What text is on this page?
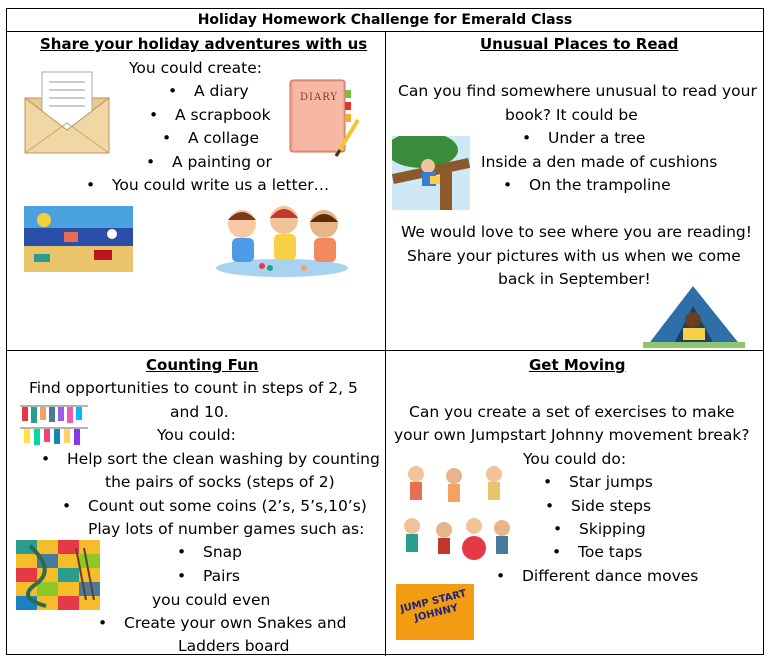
Holiday Homework Challenge for Emerald Class
Share your holiday adventures with us
You could create:
• A diary
• A scrapbook
• A collage
• A painting or
• You could write us a letter…
DIARY
Unusual Places to Read
Can you find somewhere unusual to read your
book? It could be
• Under a tree
Inside a den made of cushions
• On the trampoline
We would love to see where you are reading!
Share your pictures with us when we come
back in September!
Counting Fun
Find opportunities to count in steps of 2, 5
and 10.
You could:
• Help sort the clean washing by counting
the pairs of socks (steps of 2)
• Count out some coins (2’s, 5’s,10’s)
Play lots of number games such as:
• Snap
• Pairs
you could even
• Create your own Snakes and
Ladders board
Get Moving
Can you create a set of exercises to make
your own Jumpstart Johnny movement break?
You could do:
• Star jumps
• Side steps
• Skipping
• Toe taps
• Different dance moves
JUMP START JOHNNY
